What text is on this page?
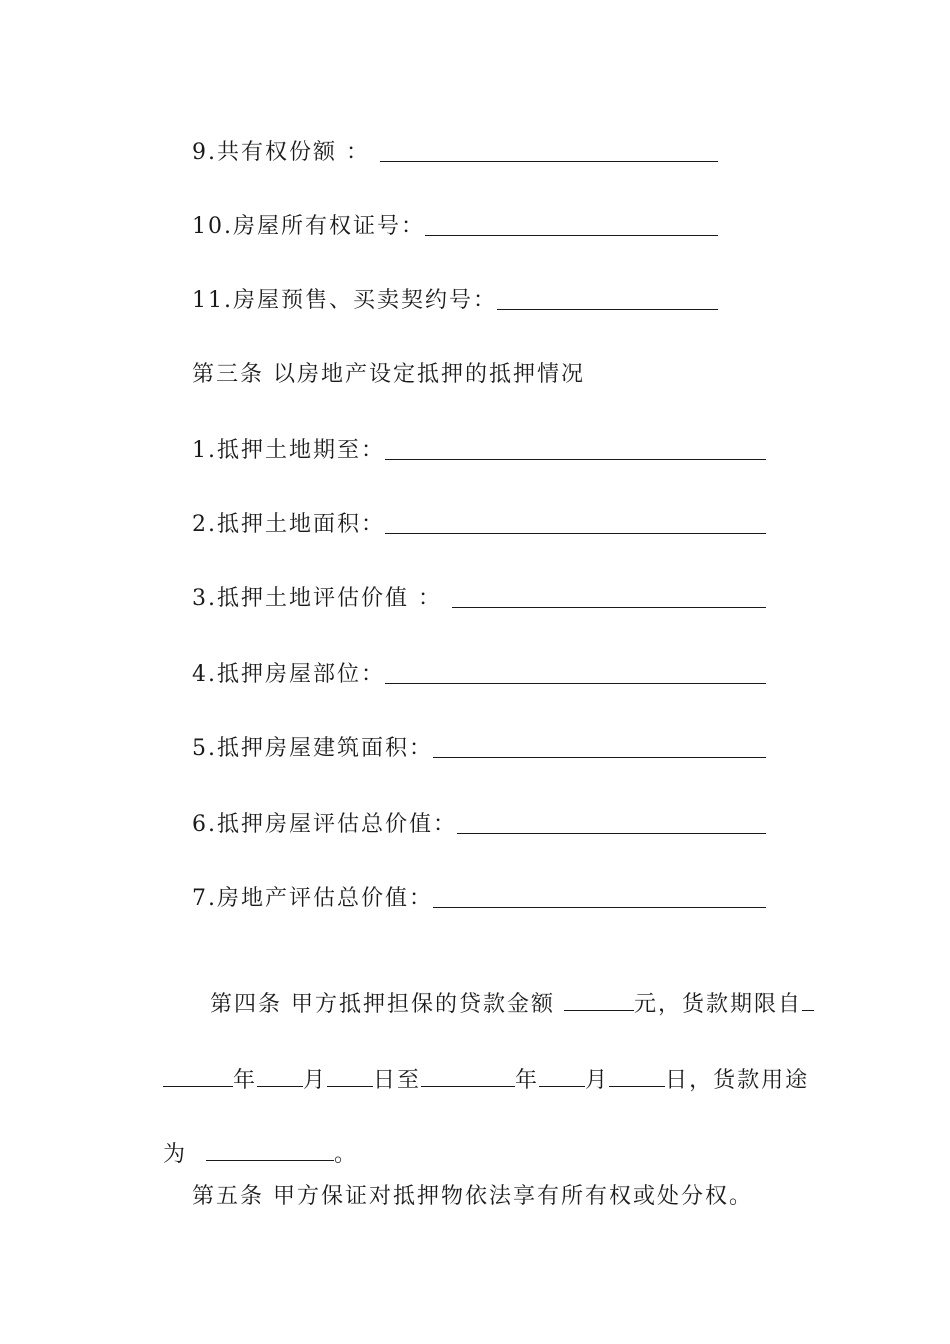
9.共有权份额 ：
10.房屋所有权证号：
11.房屋预售、买卖契约号：
第三条 以房地产设定抵押的抵押情况
1.抵押土地期至：
2.抵押土地面积：
3.抵押土地评估价值 ：
4.抵押房屋部位：
5.抵押房屋建筑面积：
6.抵押房屋评估总价值：
7.房地产评估总价值：

第四条 甲方抵押担保的贷款金额	元，货款期限自

年 月 日至	年 月	日，货款用途

为	。

第五条 甲方保证对抵押物依法享有所有权或处分权。
